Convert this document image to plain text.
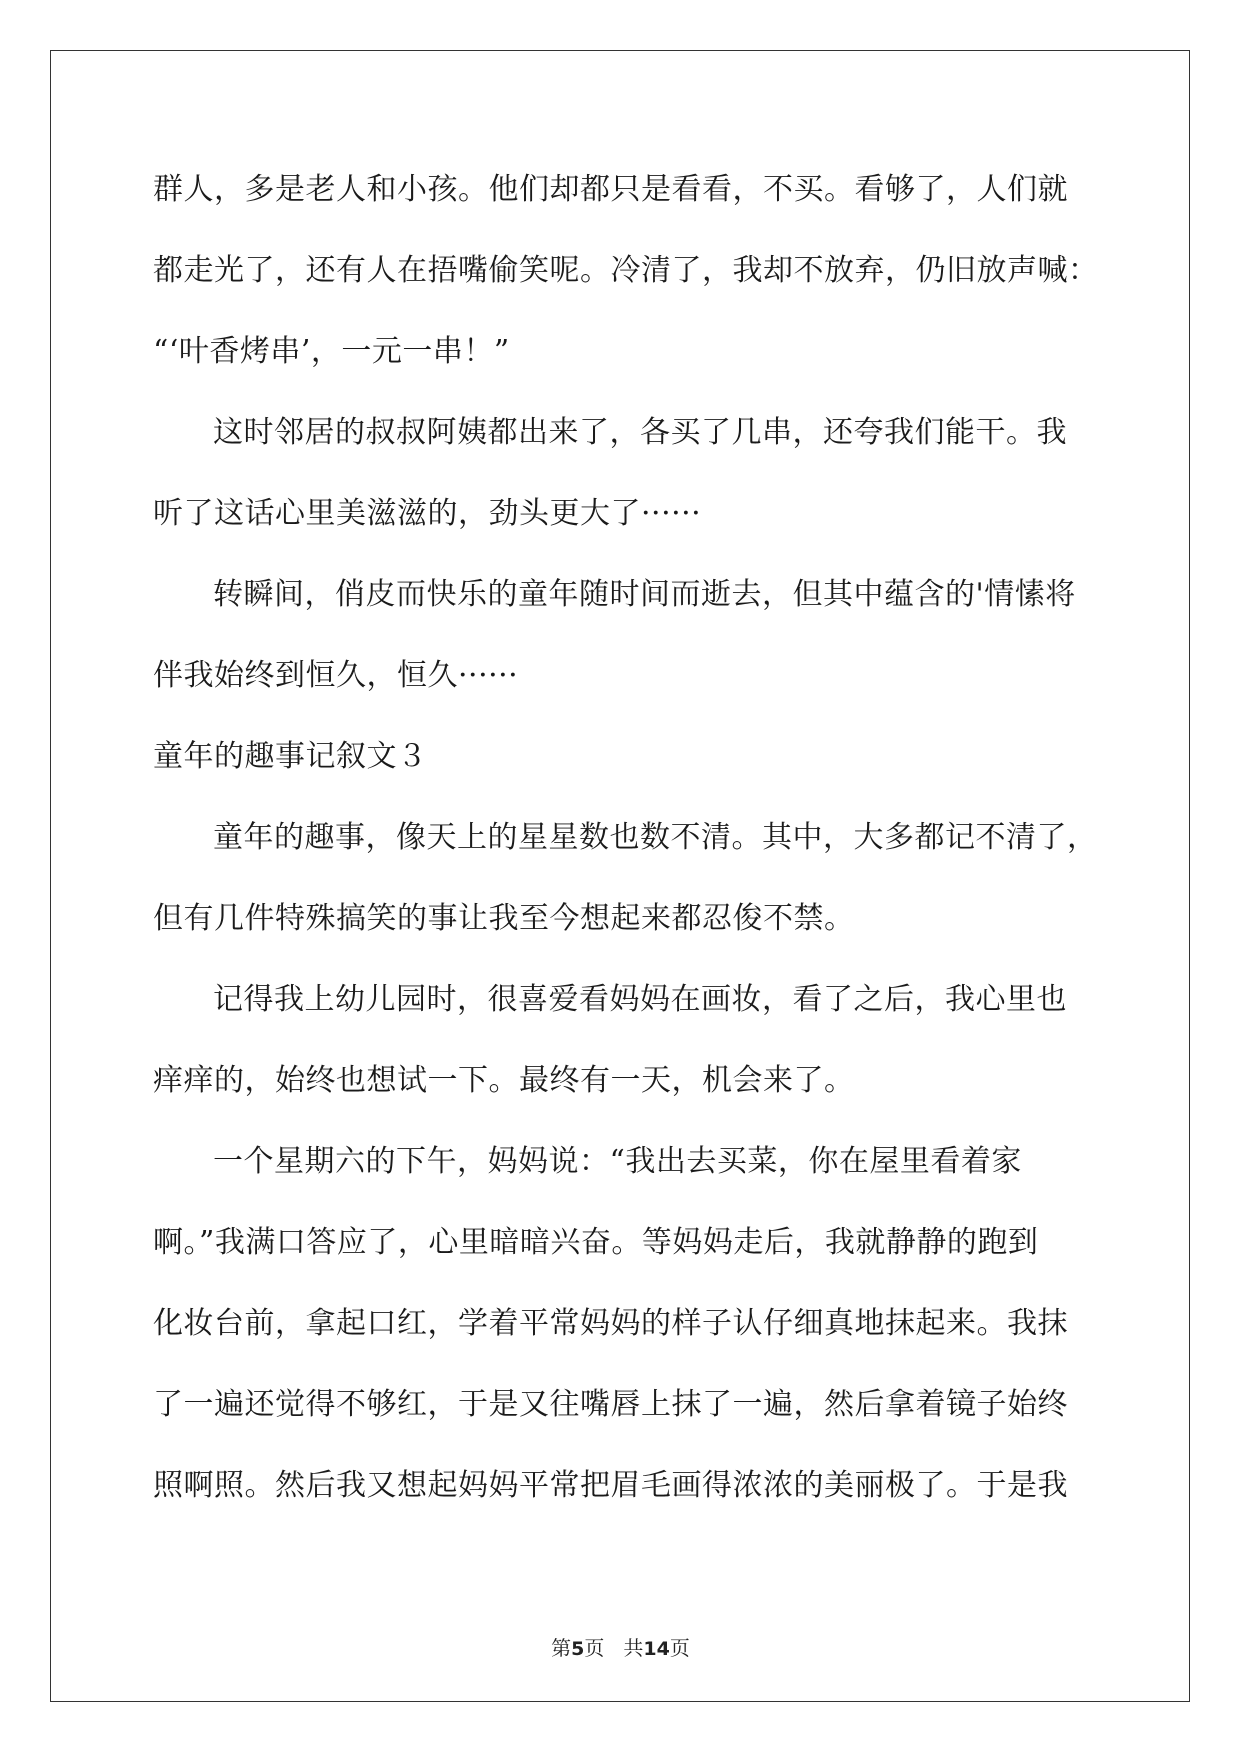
群人，多是老人和小孩。他们却都只是看看，不买。看够了，人们就
都走光了，还有人在捂嘴偷笑呢。冷清了，我却不放弃，仍旧放声喊：
“‘叶香烤串’，一元一串！”
这时邻居的叔叔阿姨都出来了，各买了几串，还夸我们能干。我
听了这话心里美滋滋的，劲头更大了······
转瞬间，俏皮而快乐的童年随时间而逝去，但其中蕴含的'情愫将
伴我始终到恒久，恒久······
童年的趣事记叙文３
童年的趣事，像天上的星星数也数不清。其中，大多都记不清了，
但有几件特殊搞笑的事让我至今想起来都忍俊不禁。
记得我上幼儿园时，很喜爱看妈妈在画妆，看了之后，我心里也
痒痒的，始终也想试一下。最终有一天，机会来了。
一个星期六的下午，妈妈说：“我出去买菜，你在屋里看着家
啊。”我满口答应了，心里暗暗兴奋。等妈妈走后，我就静静的跑到
化妆台前，拿起口红，学着平常妈妈的样子认仔细真地抹起来。我抹
了一遍还觉得不够红，于是又往嘴唇上抹了一遍，然后拿着镜子始终
照啊照。然后我又想起妈妈平常把眉毛画得浓浓的美丽极了。于是我
第5页 共14页
